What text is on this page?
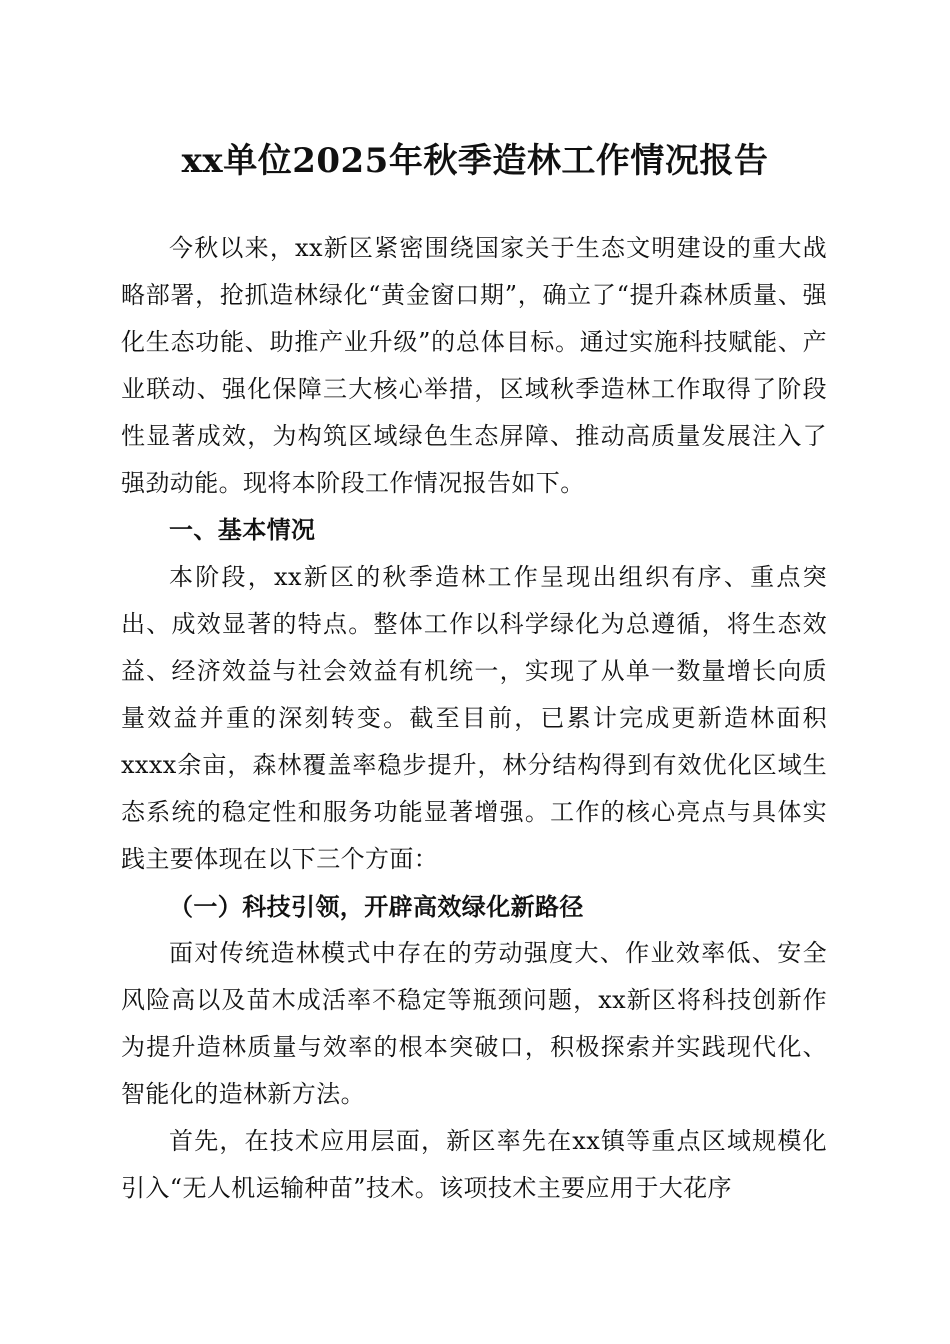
xx单位2025年秋季造林工作情况报告

今秋以来，xx新区紧密围绕国家关于生态文明建设的重大战略部署，抢抓造林绿化“黄金窗口期”，确立了“提升森林质量、强化生态功能、助推产业升级”的总体目标。通过实施科技赋能、产业联动、强化保障三大核心举措，区域秋季造林工作取得了阶段性显著成效，为构筑区域绿色生态屏障、推动高质量发展注入了强劲动能。现将本阶段工作情况报告如下。

一、基本情况

本阶段，xx新区的秋季造林工作呈现出组织有序、重点突出、成效显著的特点。整体工作以科学绿化为总遵循，将生态效益、经济效益与社会效益有机统一，实现了从单一数量增长向质量效益并重的深刻转变。截至目前，已累计完成更新造林面积xxxx余亩，森林覆盖率稳步提升，林分结构得到有效优化区域生态系统的稳定性和服务功能显著增强。工作的核心亮点与具体实践主要体现在以下三个方面：

（一）科技引领，开辟高效绿化新路径

面对传统造林模式中存在的劳动强度大、作业效率低、安全风险高以及苗木成活率不稳定等瓶颈问题，xx新区将科技创新作为提升造林质量与效率的根本突破口，积极探索并实践现代化、智能化的造林新方法。

首先，在技术应用层面，新区率先在xx镇等重点区域规模化引入“无人机运输种苗”技术。该项技术主要应用于大花序
